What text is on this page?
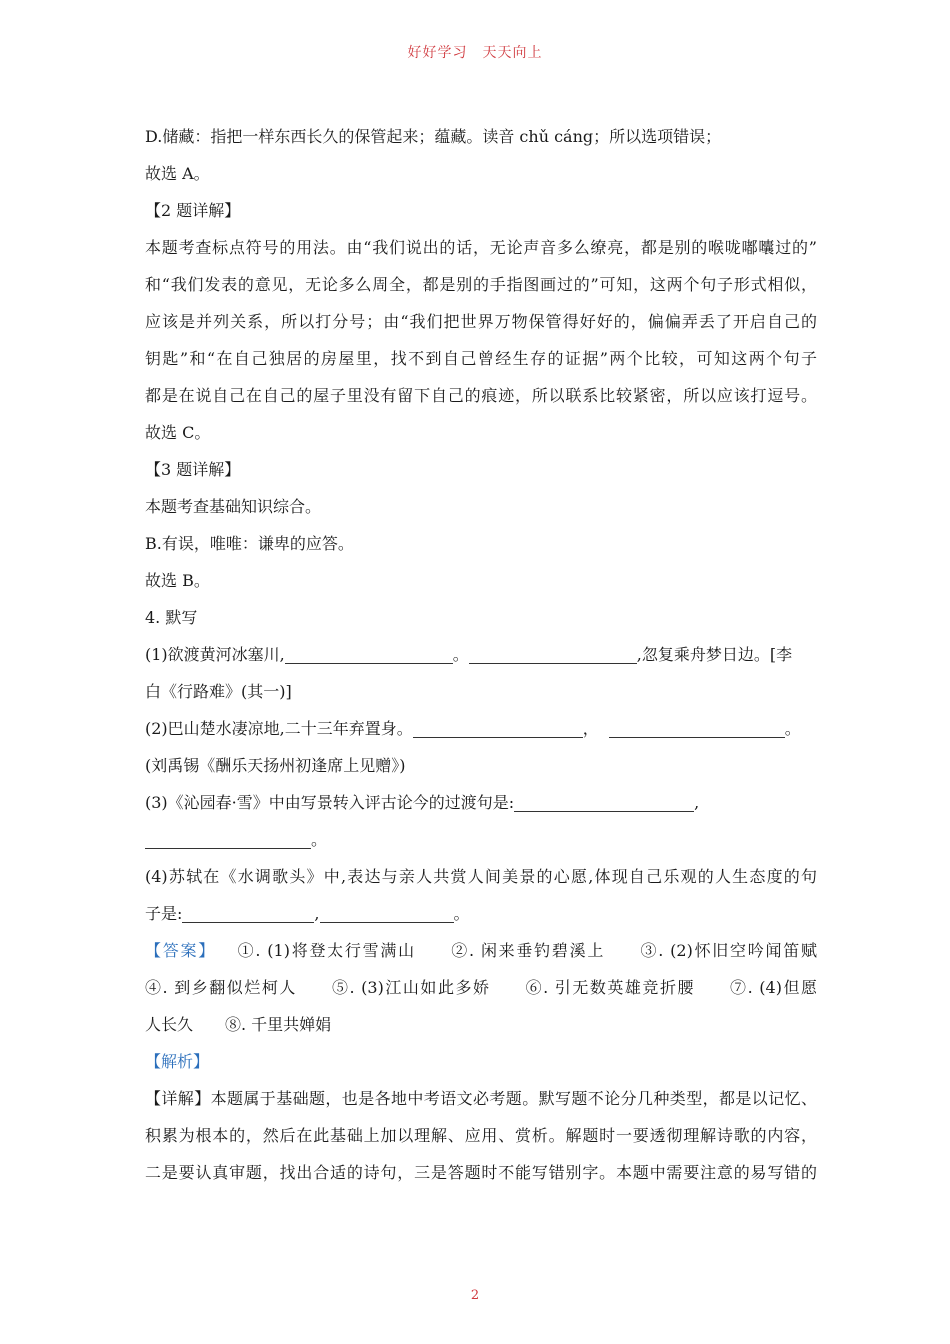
好好学习　天天向上
D.储藏：指把一样东西长久的保管起来；蕴藏。读音 chǔ cáng；所以选项错误；
故选 A。
【2 题详解】
本题考查标点符号的用法。由“我们说出的话，无论声音多么缭亮，都是别的喉咙嘟囔过的”
和“我们发表的意见，无论多么周全，都是别的手指图画过的”可知，这两个句子形式相似，
应该是并列关系，所以打分号；由“我们把世界万物保管得好好的，偏偏弄丢了开启自己的
钥匙”和“在自己独居的房屋里，找不到自己曾经生存的证据”两个比较，可知这两个句子
都是在说自己在自己的屋子里没有留下自己的痕迹，所以联系比较紧密，所以应该打逗号。
故选 C。
【3 题详解】
本题考查基础知识综合。
B.有误，唯唯：谦卑的应答。
故选 B。
4. 默写
(1)欲渡黄河冰塞川,	。	,忽复乘舟梦日边。[李
白《行路难》(其一)]
(2)巴山楚水凄凉地,二十三年弃置身。	，	。
(刘禹锡《酬乐天扬州初逢席上见赠》)
(3)《沁园春·雪》中由写景转入评古论今的过渡句是:	,
。
(4)苏轼在《水调歌头》中,表达与亲人共赏人间美景的心愿,体现自己乐观的人生态度的句
子是:	,	。
【答案】 ①. (1)将登太行雪满山　　②. 闲来垂钓碧溪上　　③. (2)怀旧空吟闻笛赋
④. 到乡翻似烂柯人　　⑤. (3)江山如此多娇　　⑥. 引无数英雄竞折腰　　⑦. (4)但愿
人长久　　⑧. 千里共婵娟
【解析】
【详解】本题属于基础题，也是各地中考语文必考题。默写题不论分几种类型，都是以记忆、
积累为根本的，然后在此基础上加以理解、应用、赏析。解题时一要透彻理解诗歌的内容，
二是要认真审题，找出合适的诗句，三是答题时不能写错别字。本题中需要注意的易写错的
2
